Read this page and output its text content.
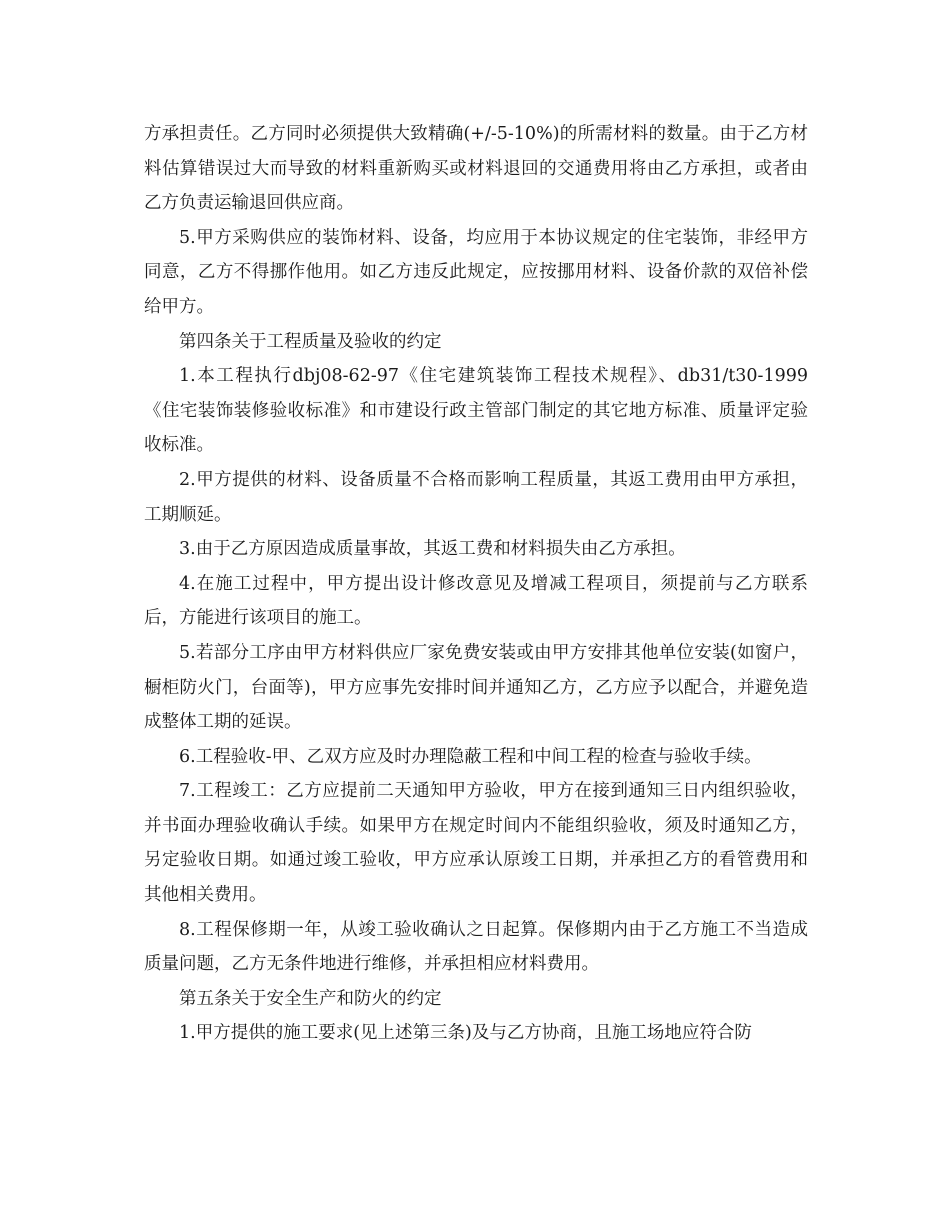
方承担责任。乙方同时必须提供大致精确(+/-5-10%)的所需材料的数量。由于乙方材料估算错误过大而导致的材料重新购买或材料退回的交通费用将由乙方承担，或者由乙方负责运输退回供应商。

5.甲方采购供应的装饰材料、设备，均应用于本协议规定的住宅装饰，非经甲方同意，乙方不得挪作他用。如乙方违反此规定，应按挪用材料、设备价款的双倍补偿给甲方。

第四条关于工程质量及验收的约定

1.本工程执行dbj08-62-97《住宅建筑装饰工程技术规程》、db31/t30-1999《住宅装饰装修验收标准》和市建设行政主管部门制定的其它地方标准、质量评定验收标准。

2.甲方提供的材料、设备质量不合格而影响工程质量，其返工费用由甲方承担，工期顺延。

3.由于乙方原因造成质量事故，其返工费和材料损失由乙方承担。

4.在施工过程中，甲方提出设计修改意见及增减工程项目，须提前与乙方联系后，方能进行该项目的施工。

5.若部分工序由甲方材料供应厂家免费安装或由甲方安排其他单位安装(如窗户，橱柜防火门，台面等)，甲方应事先安排时间并通知乙方，乙方应予以配合，并避免造成整体工期的延误。

6.工程验收-甲、乙双方应及时办理隐蔽工程和中间工程的检查与验收手续。

7.工程竣工：乙方应提前二天通知甲方验收，甲方在接到通知三日内组织验收，并书面办理验收确认手续。如果甲方在规定时间内不能组织验收，须及时通知乙方，另定验收日期。如通过竣工验收，甲方应承认原竣工日期，并承担乙方的看管费用和其他相关费用。

8.工程保修期一年，从竣工验收确认之日起算。保修期内由于乙方施工不当造成质量问题，乙方无条件地进行维修，并承担相应材料费用。

第五条关于安全生产和防火的约定

1.甲方提供的施工要求(见上述第三条)及与乙方协商，且施工场地应符合防
